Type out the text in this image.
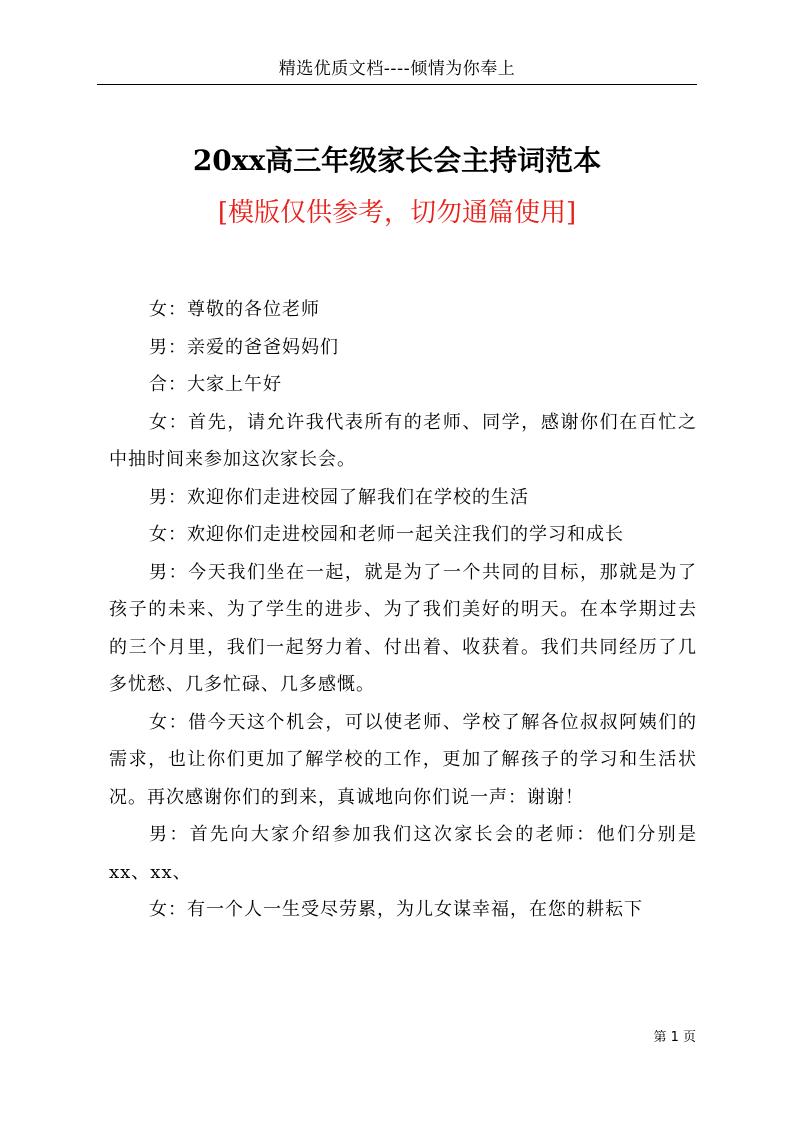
精选优质文档----倾情为你奉上
20xx高三年级家长会主持词范本
[模版仅供参考，切勿通篇使用]

女：尊敬的各位老师

男：亲爱的爸爸妈妈们

合：大家上午好

女：首先，请允许我代表所有的老师、同学，感谢你们在百忙之中抽时间来参加这次家长会。

男：欢迎你们走进校园了解我们在学校的生活

女：欢迎你们走进校园和老师一起关注我们的学习和成长

男：今天我们坐在一起，就是为了一个共同的目标，那就是为了孩子的未来、为了学生的进步、为了我们美好的明天。在本学期过去的三个月里，我们一起努力着、付出着、收获着。我们共同经历了几多忧愁、几多忙碌、几多感慨。

女：借今天这个机会，可以使老师、学校了解各位叔叔阿姨们的需求，也让你们更加了解学校的工作，更加了解孩子的学习和生活状况。再次感谢你们的到来，真诚地向你们说一声：谢谢！

男：首先向大家介绍参加我们这次家长会的老师：他们分别是xx、xx、

女：有一个人一生受尽劳累，为儿女谋幸福，在您的耕耘下

第 1 页
